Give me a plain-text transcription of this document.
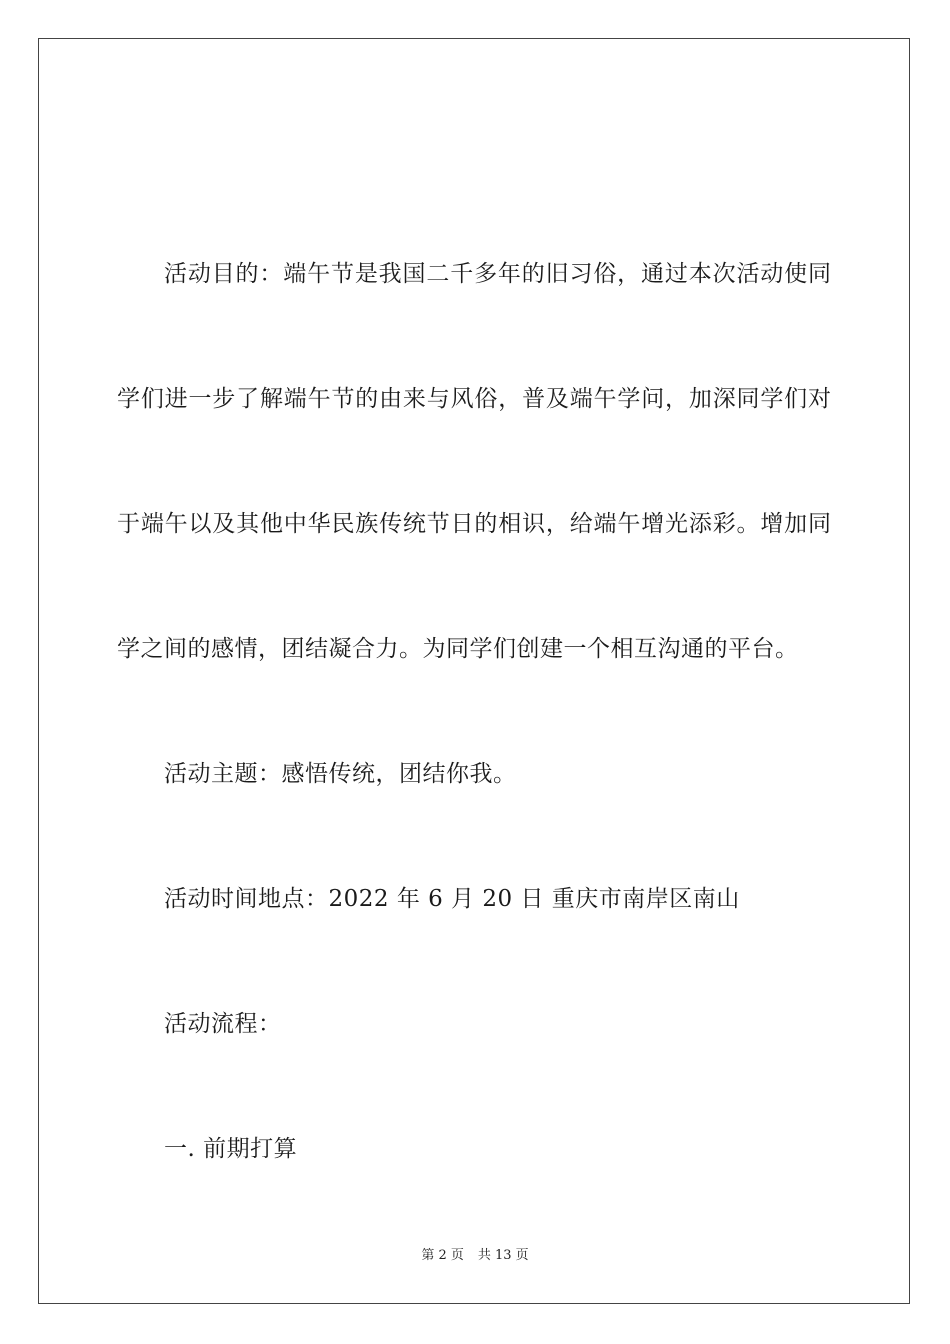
活动目的：端午节是我国二千多年的旧习俗，通过本次活动使同
学们进一步了解端午节的由来与风俗，普及端午学问，加深同学们对
于端午以及其他中华民族传统节日的相识，给端午增光添彩。增加同
学之间的感情，团结凝合力。为同学们创建一个相互沟通的平台。
活动主题：感悟传统，团结你我。
活动时间地点：2022 年 6 月 20 日 重庆市南岸区南山
活动流程：
一. 前期打算
第 2 页 共 13 页
